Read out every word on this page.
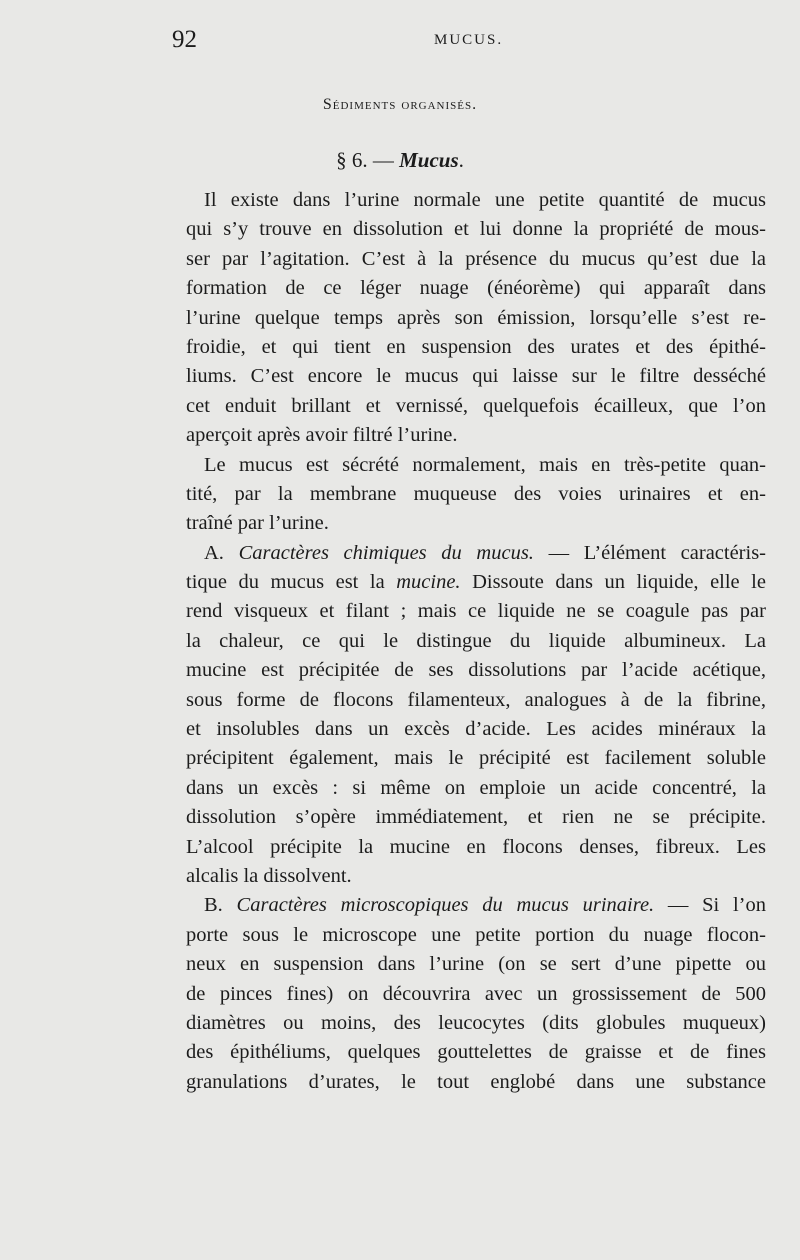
92	MUCUS.
Sédiments organisés.
§ 6. — Mucus.
Il existe dans l’urine normale une petite quantité de mucus
qui s’y trouve en dissolution et lui donne la propriété de mous-
ser par l’agitation. C’est à la présence du mucus qu’est due la
formation de ce léger nuage (énéorème) qui apparaît dans
l’urine quelque temps après son émission, lorsqu’elle s’est re-
froidie, et qui tient en suspension des urates et des épithé-
liums. C’est encore le mucus qui laisse sur le filtre desséché
cet enduit brillant et vernissé, quelquefois écailleux, que l’on
aperçoit après avoir filtré l’urine.
Le mucus est sécrété normalement, mais en très-petite quan-
tité, par la membrane muqueuse des voies urinaires et en-
traîné par l’urine.
A. Caractères chimiques du mucus. — L’élément caractéris-
tique du mucus est la mucine. Dissoute dans un liquide, elle le
rend visqueux et filant ; mais ce liquide ne se coagule pas par
la chaleur, ce qui le distingue du liquide albumineux. La
mucine est précipitée de ses dissolutions par l’acide acétique,
sous forme de flocons filamenteux, analogues à de la fibrine,
et insolubles dans un excès d’acide. Les acides minéraux la
précipitent également, mais le précipité est facilement soluble
dans un excès : si même on emploie un acide concentré, la
dissolution s’opère immédiatement, et rien ne se précipite.
L’alcool précipite la mucine en flocons denses, fibreux. Les
alcalis la dissolvent.
B. Caractères microscopiques du mucus urinaire. — Si l’on
porte sous le microscope une petite portion du nuage flocon-
neux en suspension dans l’urine (on se sert d’une pipette ou
de pinces fines) on découvrira avec un grossissement de 500
diamètres ou moins, des leucocytes (dits globules muqueux)
des épithéliums, quelques gouttelettes de graisse et de fines
granulations d’urates, le tout englobé dans une substance
